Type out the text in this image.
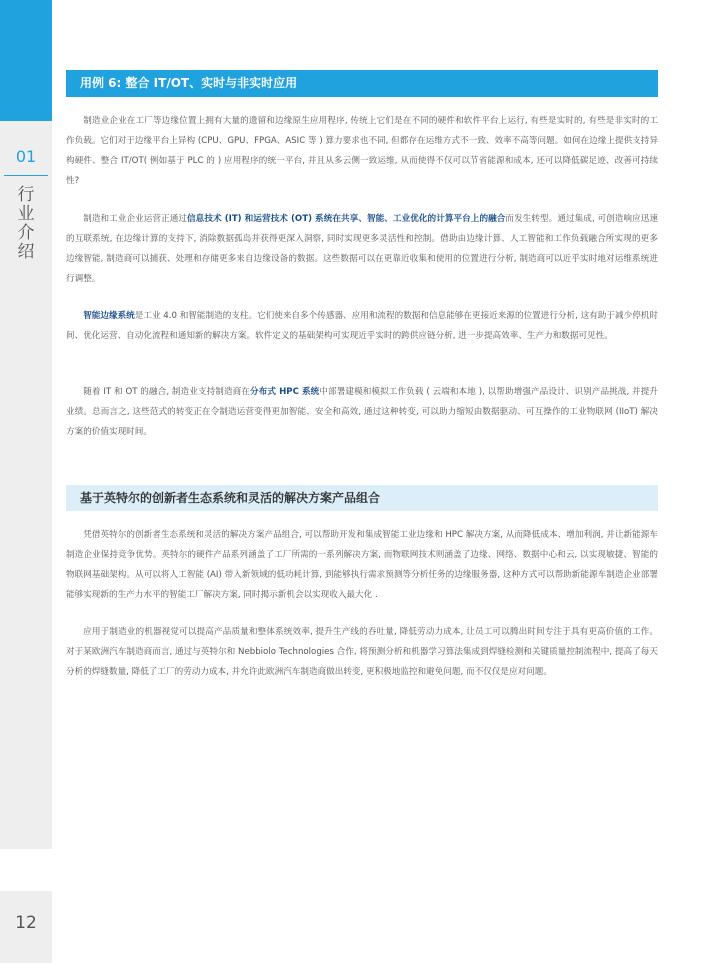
01
行
业
介
绍
12
用例 6: 整合 IT/OT、实时与非实时应用

制造业企业在工厂等边缘位置上拥有大量的遗留和边缘原生应用程序, 传统上它们是在不同的硬件和软件平台上运行, 有些是实时的, 有些是非实时的工作负载。它们对于边缘平台上异构 (CPU、GPU、FPGA、ASIC 等 ) 算力要求也不同, 但都存在运维方式不一致、效率不高等问题。如何在边缘上提供支持异构硬件、整合 IT/OT( 例如基于 PLC 的 ) 应用程序的统一平台, 并且从多云侧一致运维, 从而使得不仅可以节省能源和成本, 还可以降低碳足迹、改善可持续性?

制造和工业企业运营正通过信息技术 (IT) 和运营技术 (OT) 系统在共享、智能、工业优化的计算平台上的融合而发生转型。通过集成, 可创造响应迅速的互联系统, 在边缘计算的支持下, 消除数据孤岛并获得更深入洞察, 同时实现更多灵活性和控制。借助由边缘计算、人工智能和工作负载融合所实现的更多边缘智能, 制造商可以捕获、处理和存储更多来自边缘设备的数据。这些数据可以在更靠近收集和使用的位置进行分析, 制造商可以近乎实时地对运维系统进行调整。

智能边缘系统是工业 4.0 和智能制造的支柱。它们使来自多个传感器、应用和流程的数据和信息能够在更接近来源的位置进行分析, 这有助于减少停机时间、优化运营、自动化流程和通知新的解决方案。软件定义的基础架构可实现近乎实时的跨供应链分析, 进一步提高效率、生产力和数据可见性。

随着 IT 和 OT 的融合, 制造业支持制造商在分布式 HPC 系统中部署建模和模拟工作负载 ( 云端和本地 ), 以帮助增强产品设计、识别产品挑战, 并提升业绩。总而言之, 这些范式的转变正在令制造运营变得更加智能、安全和高效, 通过这种转变, 可以助力缩短由数据驱动、可互操作的工业物联网 (IIoT) 解决方案的价值实现时间。

基于英特尔的创新者生态系统和灵活的解决方案产品组合

凭借英特尔的创新者生态系统和灵活的解决方案产品组合, 可以帮助开发和集成智能工业边缘和 HPC 解决方案, 从而降低成本、增加利润, 并让新能源车制造企业保持竞争优势。英特尔的硬件产品系列涵盖了工厂所需的一系列解决方案, 而物联网技术则涵盖了边缘、网络、数据中心和云, 以实现敏捷、智能的物联网基础架构。从可以将人工智能 (AI) 带入新领域的低功耗计算, 到能够执行需求预测等分析任务的边缘服务器, 这种方式可以帮助新能源车制造企业部署能够实现新的生产力水平的智能工厂解决方案, 同时揭示新机会以实现收入最大化 .

应用于制造业的机器视觉可以提高产品质量和整体系统效率, 提升生产线的吞吐量, 降低劳动力成本, 让员工可以腾出时间专注于具有更高价值的工作。对于某欧洲汽车制造商而言, 通过与英特尔和 Nebbiolo Technologies 合作, 将预测分析和机器学习算法集成到焊缝检测和关键质量控制流程中, 提高了每天分析的焊缝数量, 降低了工厂的劳动力成本, 并允许此欧洲汽车制造商做出转变, 更积极地监控和避免问题, 而不仅仅是应对问题。
